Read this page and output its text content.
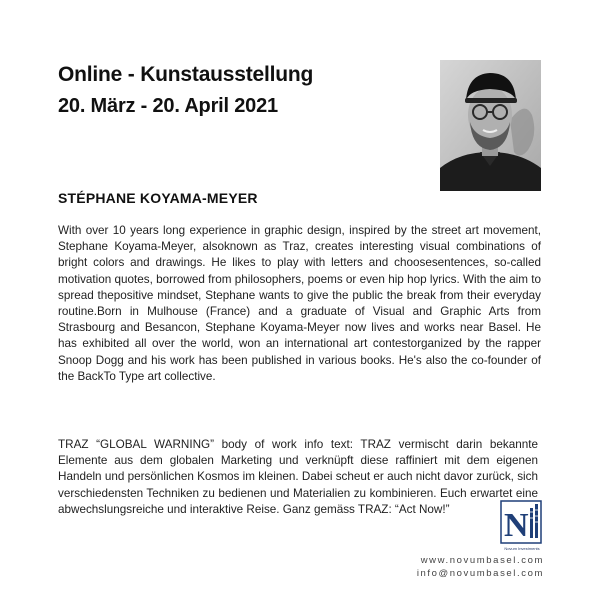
Online - Kunstausstellung
20. März - 20. April 2021
STÉPHANE KOYAMA-MEYER
With over 10 years long experience in graphic design, inspired by the street art movement, Stephane Koyama-Meyer, alsoknown as Traz, creates interesting visual combinations of bright colors and drawings. He likes to play with letters and choosesentences, so-called motivation quotes, borrowed from philosophers, poems or even hip hop lyrics. With the aim to spread thepositive mindset, Stephane wants to give the public the break from their everyday routine.Born in Mulhouse (France) and a graduate of Visual and Graphic Arts from Strasbourg and Besancon, Stephane Koyama-Meyer now lives and works near Basel. He has exhibited all over the world, won an international art contestorganized by the rapper Snoop Dogg and his work has been published in various books. He's also the co-founder of the BackTo Type art collective.
TRAZ “GLOBAL WARNING” body of work info text: TRAZ vermischt darin bekannte Elemente aus dem globalen Marketing und verknüpft diese raffiniert mit dem eigenen Handeln und persönlichen Kosmos im kleinen. Dabei scheut er auch nicht davor zurück, sich verschiedensten Techniken zu bedienen und Materialien zu kombinieren. Euch erwartet eine abwechslungsreiche und interaktive Reise. Ganz gemäss TRAZ: “Act Now!”	N
Novum Investments
www.novumbasel.com
info@novumbasel.com
